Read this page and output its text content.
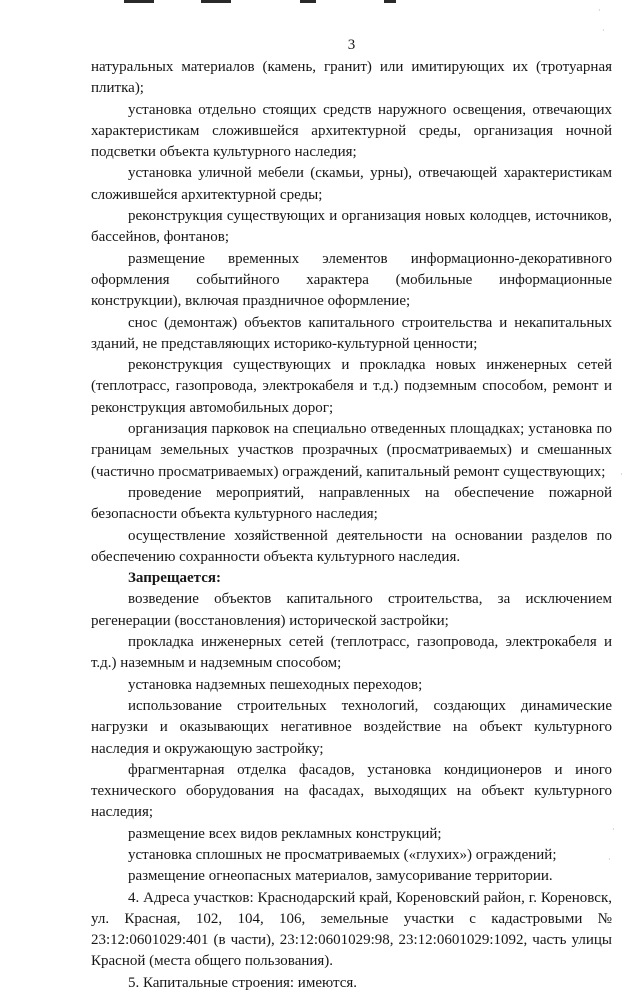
·
·
·
·
·
3

натуральных материалов (камень, гранит) или имитирующих их (тротуарная плитка);

установка отдельно стоящих средств наружного освещения, отвечающих характеристикам сложившейся архитектурной среды, организация ночной подсветки объекта культурного наследия;

установка уличной мебели (скамьи, урны), отвечающей характеристикам сложившейся архитектурной среды;

реконструкция существующих и организация новых колодцев, источников, бассейнов, фонтанов;

размещение временных элементов информационно-декоративного оформления событийного характера (мобильные информационные конструкции), включая праздничное оформление;

снос (демонтаж) объектов капитального строительства и некапитальных зданий, не представляющих историко-культурной ценности;

реконструкция существующих и прокладка новых инженерных сетей (теплотрасс, газопровода, электрокабеля и т.д.) подземным способом, ремонт и реконструкция автомобильных дорог;

организация парковок на специально отведенных площадках; установка по границам земельных участков прозрачных (просматриваемых) и смешанных (частично просматриваемых) ограждений, капитальный ремонт существующих;

проведение мероприятий, направленных на обеспечение пожарной безопасности объекта культурного наследия;

осуществление хозяйственной деятельности на основании разделов по обеспечению сохранности объекта культурного наследия.

Запрещается:

возведение объектов капитального строительства, за исключением регенерации (восстановления) исторической застройки;

прокладка инженерных сетей (теплотрасс, газопровода, электрокабеля и т.д.) наземным и надземным способом;

установка надземных пешеходных переходов;

использование строительных технологий, создающих динамические нагрузки и оказывающих негативное воздействие на объект культурного наследия и окружающую застройку;

фрагментарная отделка фасадов, установка кондиционеров и иного технического оборудования на фасадах, выходящих на объект культурного наследия;

размещение всех видов рекламных конструкций;

установка сплошных не просматриваемых («глухих») ограждений;

размещение огнеопасных материалов, замусоривание территории.

4. Адреса участков: Краснодарский край, Кореновский район, г. Кореновск, ул. Красная, 102, 104, 106, земельные участки с кадастровыми № 23:12:0601029:401 (в части), 23:12:0601029:98, 23:12:0601029:1092, часть улицы Красной (места общего пользования).

5. Капитальные строения: имеются.
